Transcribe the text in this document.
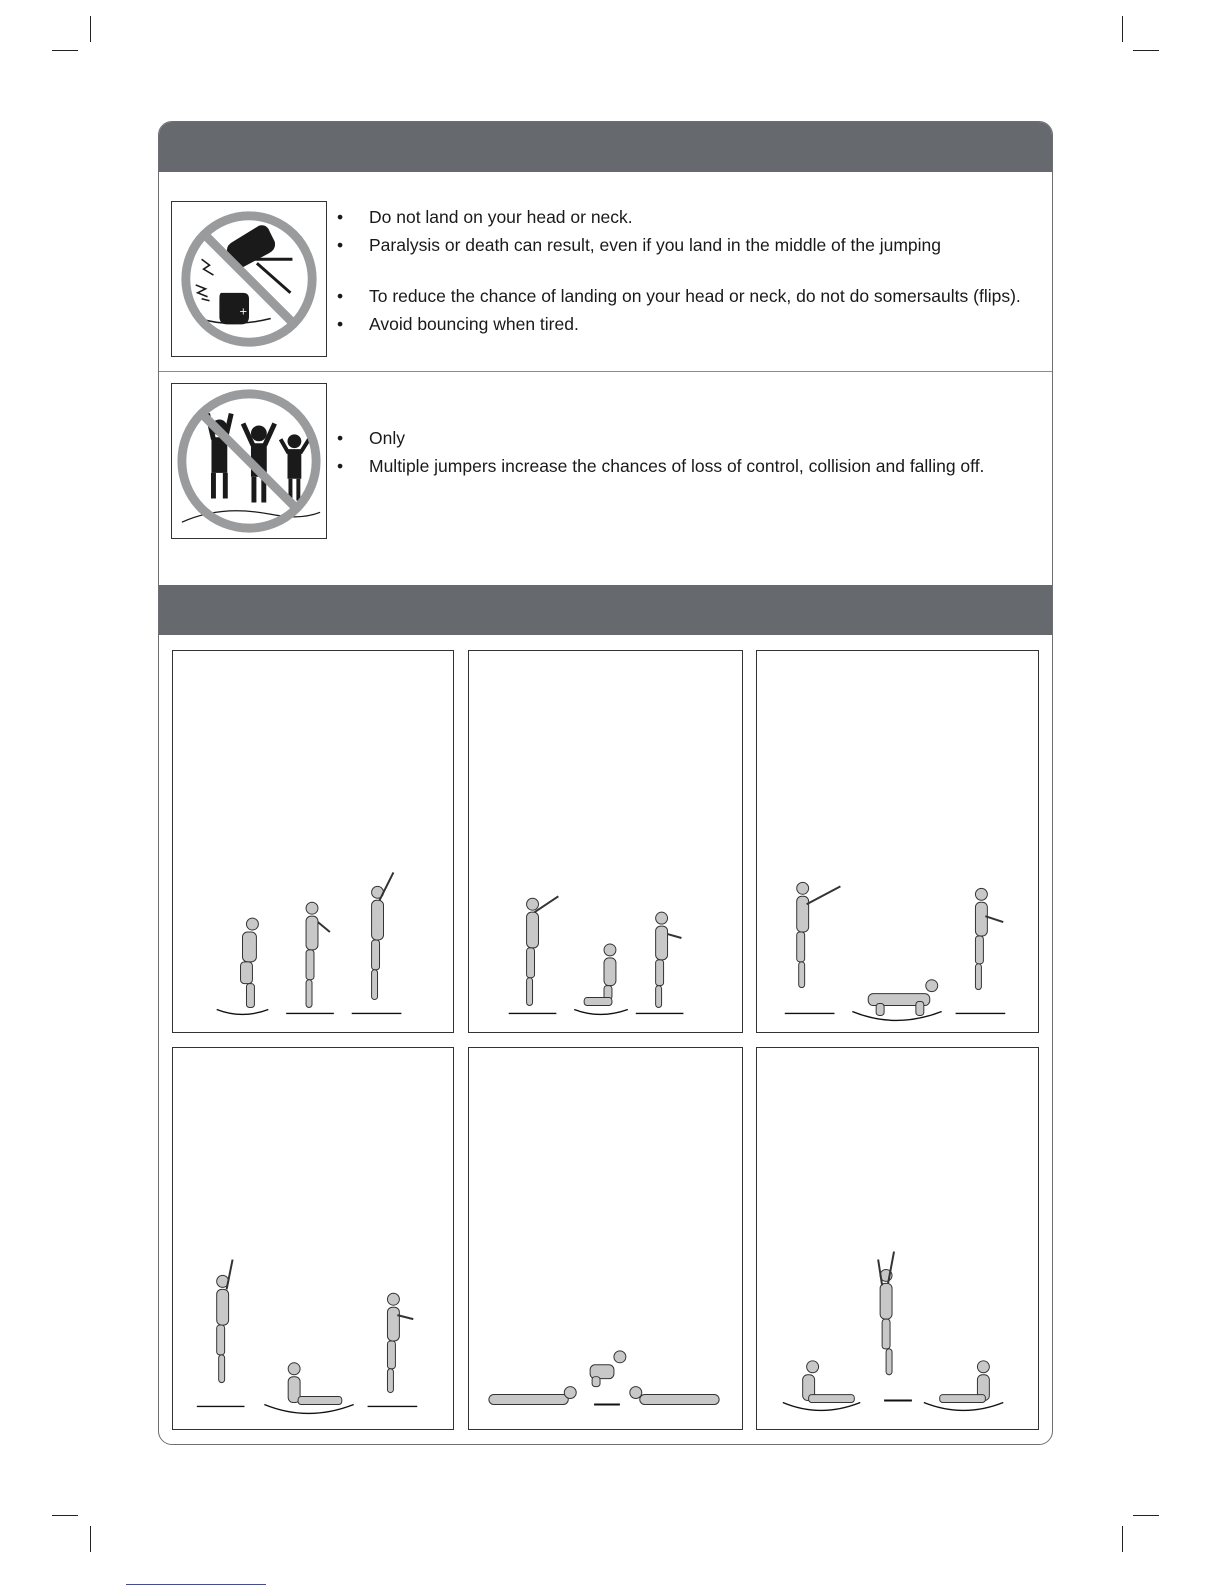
+
• Do not land on your head or neck.
• Paralysis or death can result, even if you land in the middle of the jumping
• To reduce the chance of landing on your head or neck, do not do somersaults (flips).
• Avoid bouncing when tired.
• Only
• Multiple jumpers increase the chances of loss of control, collision and falling off.
